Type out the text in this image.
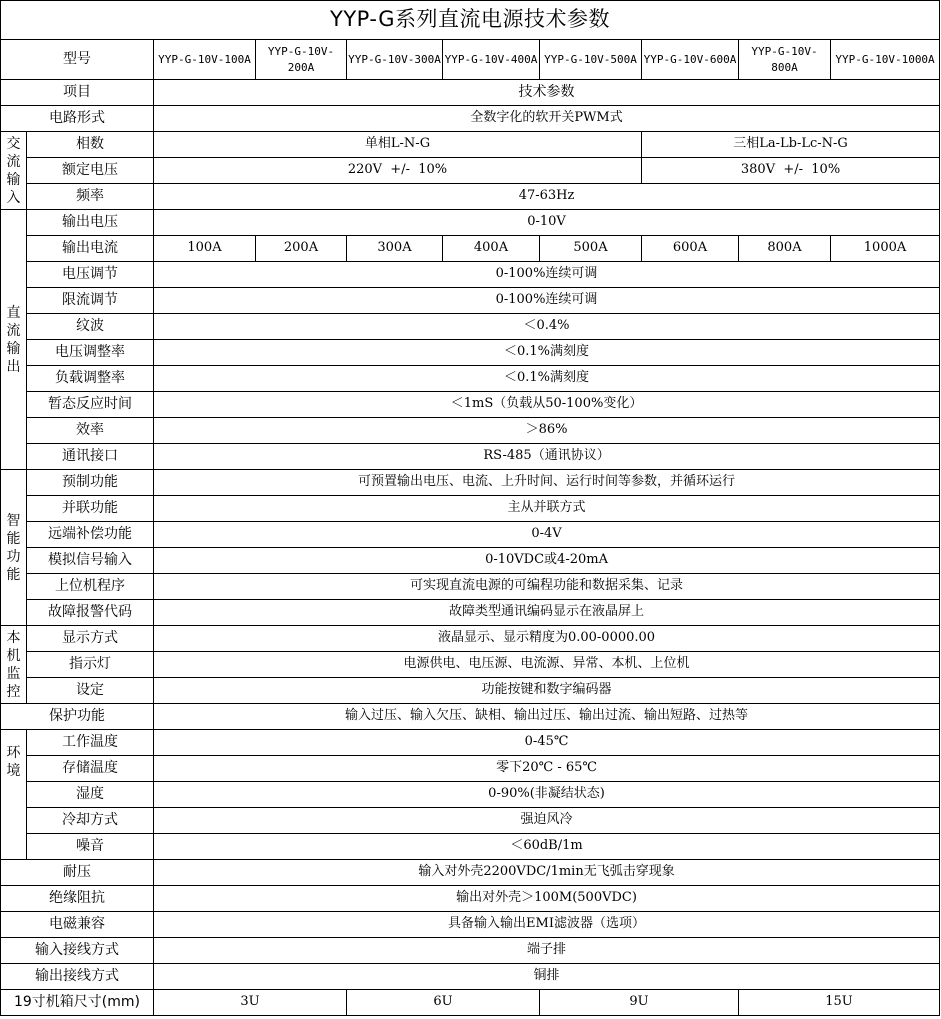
YYP-G系列直流电源技术参数									
型号		YYP-G-10V-100A	YYP-G-10V-200A	YYP-G-10V-300A	YYP-G-10V-400A	YYP-G-10V-500A	YYP-G-10V-600A	YYP-G-10V-800A	YYP-G-10V-1000A
项目		技术参数							
电路形式		全数字化的软开关PWM式							
交流输入	相数	单相L-N-G					三相La-Lb-Lc-N-G		
	额定电压	220V  +/-  10%					380V  +/-  10%		
	频率	47-63Hz							
直流输出	输出电压	0-10V							
	输出电流	100A	200A	300A	400A	500A	600A	800A	1000A
	电压调节	0-100%连续可调							
	限流调节	0-100%连续可调							
	纹波	＜0.4%							
	电压调整率	＜0.1%满刻度							
	负载调整率	＜0.1%满刻度							
	暂态反应时间	＜1mS（负载从50-100%变化）							
	效率	＞86%							
	通讯接口	RS-485（通讯协议）							
智能功能	预制功能	可预置输出电压、电流、上升时间、运行时间等参数，并循环运行							
	并联功能	主从并联方式							
	远端补偿功能	0-4V							
	模拟信号输入	0-10VDC或4-20mA							
	上位机程序	可实现直流电源的可编程功能和数据采集、记录							
	故障报警代码	故障类型通讯编码显示在液晶屏上							
本机监控	显示方式	液晶显示、显示精度为0.00-0000.00							
	指示灯	电源供电、电压源、电流源、异常、本机、上位机							
	设定	功能按键和数字编码器							
保护功能		输入过压、输入欠压、缺相、输出过压、输出过流、输出短路、过热等							
环境	工作温度	0-45℃							
	存储温度	零下20℃ - 65℃							
	湿度	0-90%(非凝结状态)							
	冷却方式	强迫风冷							
	噪音	＜60dB/1m							
耐压		输入对外壳2200VDC/1min无飞弧击穿现象							
绝缘阻抗		输出对外壳＞100M(500VDC)							
电磁兼容		具备输入输出EMI滤波器（选项）							
输入接线方式		端子排							
输出接线方式		铜排							
19寸机箱尺寸(mm)		3U		6U		9U		15U	
